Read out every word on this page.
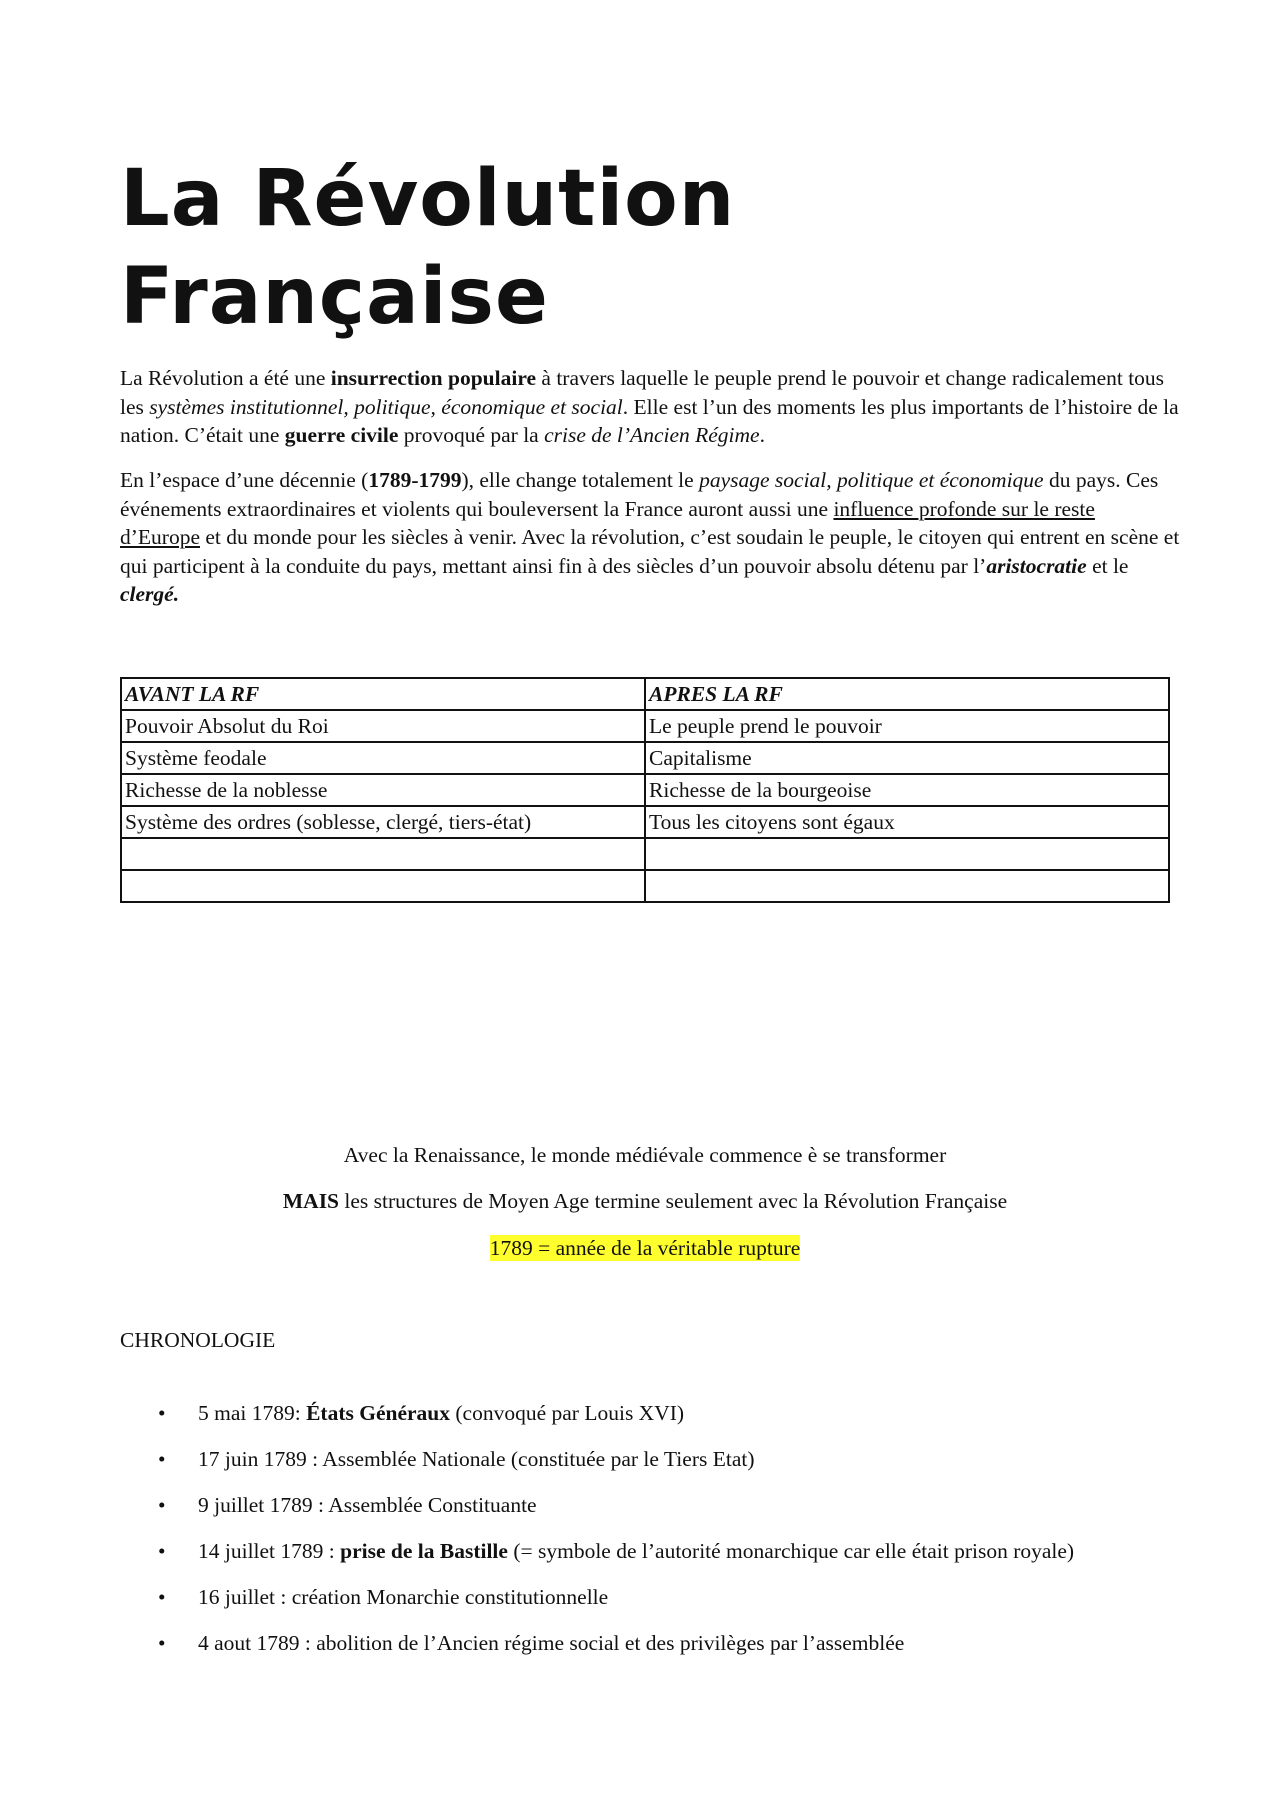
La Révolution Française

La Révolution a été une insurrection populaire à travers laquelle le peuple prend le pouvoir et change radicalement tous les systèmes institutionnel, politique, économique et social. Elle est l’un des moments les plus importants de l’histoire de la nation. C’était une guerre civile provoqué par la crise de l’Ancien Régime.

En l’espace d’une décennie (1789-1799), elle change totalement le paysage social, politique et économique du pays. Ces événements extraordinaires et violents qui bouleversent la France auront aussi une influence profonde sur le reste d’Europe et du monde pour les siècles à venir. Avec la révolution, c’est soudain le peuple, le citoyen qui entrent en scène et qui participent à la conduite du pays, mettant ainsi fin à des siècles d’un pouvoir absolu détenu par l’aristocratie et le clergé.

AVANT LA RF	APRES LA RF
Pouvoir Absolut du Roi	Le peuple prend le pouvoir
Système feodale	Capitalisme
Richesse de la noblesse	Richesse de la bourgeoise
Système des ordres (soblesse, clergé, tiers-état)	Tous les citoyens sont égaux

Avec la Renaissance, le monde médiévale commence è se transformer

MAIS les structures de Moyen Age termine seulement avec la Révolution Française

1789 = année de la véritable rupture

CHRONOLOGIE

• 5 mai 1789: États Généraux (convoqué par Louis XVI)
• 17 juin 1789 : Assemblée Nationale (constituée par le Tiers Etat)
• 9 juillet 1789 : Assemblée Constituante
• 14 juillet 1789 : prise de la Bastille (= symbole de l’autorité monarchique car elle était prison royale)
• 16 juillet : création Monarchie constitutionnelle
• 4 aout 1789 : abolition de l’Ancien régime social et des privilèges par l’assemblée
